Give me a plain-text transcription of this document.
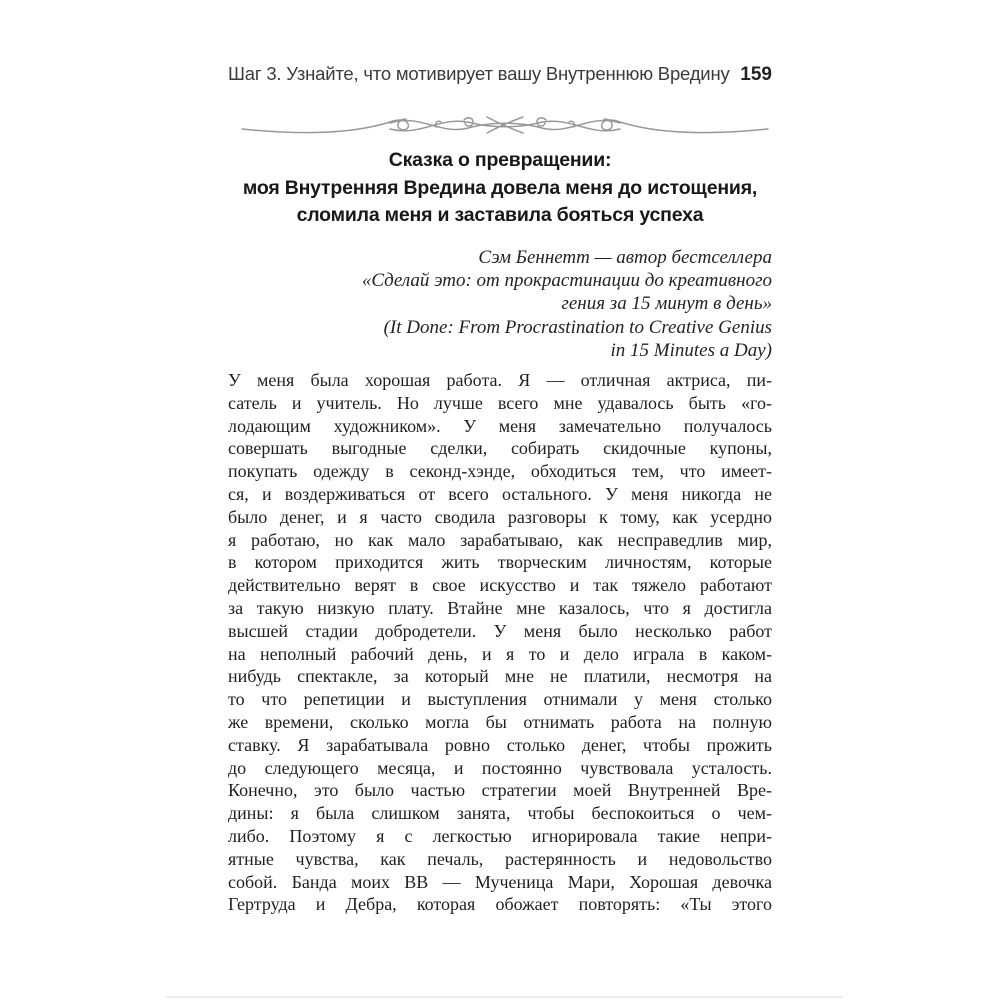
Шаг 3. Узнайте, что мотивирует вашу Внутреннюю Вредину 159
Сказка о превращении:
моя Внутренняя Вредина довела меня до истощения,
сломила меня и заставила бояться успеха
Сэм Беннетт — автор бестселлера
«Сделай это: от прокрастинации до креативного
гения за 15 минут в день»
(It Done: From Procrastination to Creative Genius
in 15 Minutes a Day)
У меня была хорошая работа. Я — отличная актриса, пи-
сатель и учитель. Но лучше всего мне удавалось быть «го-
лодающим художником». У меня замечательно получалось
совершать выгодные сделки, собирать скидочные купоны,
покупать одежду в секонд-хэнде, обходиться тем, что имеет-
ся, и воздерживаться от всего остального. У меня никогда не
было денег, и я часто сводила разговоры к тому, как усердно
я работаю, но как мало зарабатываю, как несправедлив мир,
в котором приходится жить творческим личностям, которые
действительно верят в свое искусство и так тяжело работают
за такую низкую плату. Втайне мне казалось, что я достигла
высшей стадии добродетели. У меня было несколько работ
на неполный рабочий день, и я то и дело играла в каком-
нибудь спектакле, за который мне не платили, несмотря на
то что репетиции и выступления отнимали у меня столько
же времени, сколько могла бы отнимать работа на полную
ставку. Я зарабатывала ровно столько денег, чтобы прожить
до следующего месяца, и постоянно чувствовала усталость.
Конечно, это было частью стратегии моей Внутренней Вре-
дины: я была слишком занята, чтобы беспокоиться о чем-
либо. Поэтому я с легкостью игнорировала такие непри-
ятные чувства, как печаль, растерянность и недовольство
собой. Банда моих ВВ — Мученица Мари, Хорошая девочка
Гертруда и Дебра, которая обожает повторять: «Ты этого
